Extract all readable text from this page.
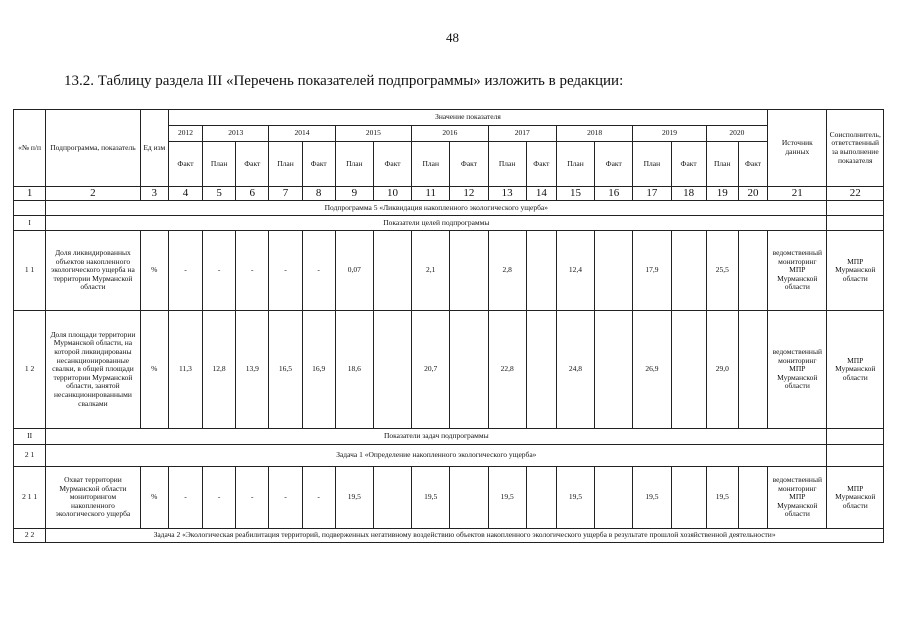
48
13.2. Таблицу раздела III «Перечень показателей подпрограммы» изложить в редакции:
«№ п/п	Подпрограмма, показатель	Ед изм	Значение показателя																	Источник данных	Соисполнитель, ответственный за выполнение показателя
			2012	2013		2014		2015		2016		2017		2018		2019		2020			
			Факт	План	Факт	План	Факт	План	Факт	План	Факт	План	Факт	План	Факт	План	Факт	План	Факт		
1	2	3	4	5	6	7	8	9	10	11	12	13	14	15	16	17	18	19	20	21	22
	Подпрограмма 5 «Ликвидация накопленного экологического ущерба»																				
I	Показатели целей подпрограммы																				
1 1	Доля ликвидированных объектов накопленного экологического ущерба на территории Мурманской области	%	-	-	-	-	-	0,07		2,1		2,8		12,4		17,9		25,5		ведомственный мониторинг МПР Мурманской области	МПР Мурманской области
1 2	Доля площади территории Мурманской области, на которой ликвидированы несанкционированные свалки, в общей площади территории Мурманской области, занятой несанкционированными свалками	%	11,3	12,8	13,9	16,5	16,9	18,6		20,7		22,8		24,8		26,9		29,0		ведомственный мониторинг МПР Мурманской области	МПР Мурманской области
II	Показатели задач подпрограммы																				
2 1	Задача 1 «Определение накопленного экологического ущерба»																				
2 1 1	Охват территории Мурманской области мониторингом накопленного экологического ущерба	%	-	-	-	-	-	19,5		19,5		19,5		19,5		19,5		19,5		ведомственный мониторинг МПР Мурманской области	МПР Мурманской области
2 2	Задача 2 «Экологическая реабилитация территорий, подверженных негативному воздействию объектов накопленного экологического ущерба в результате прошлой хозяйственной деятельности»																				
